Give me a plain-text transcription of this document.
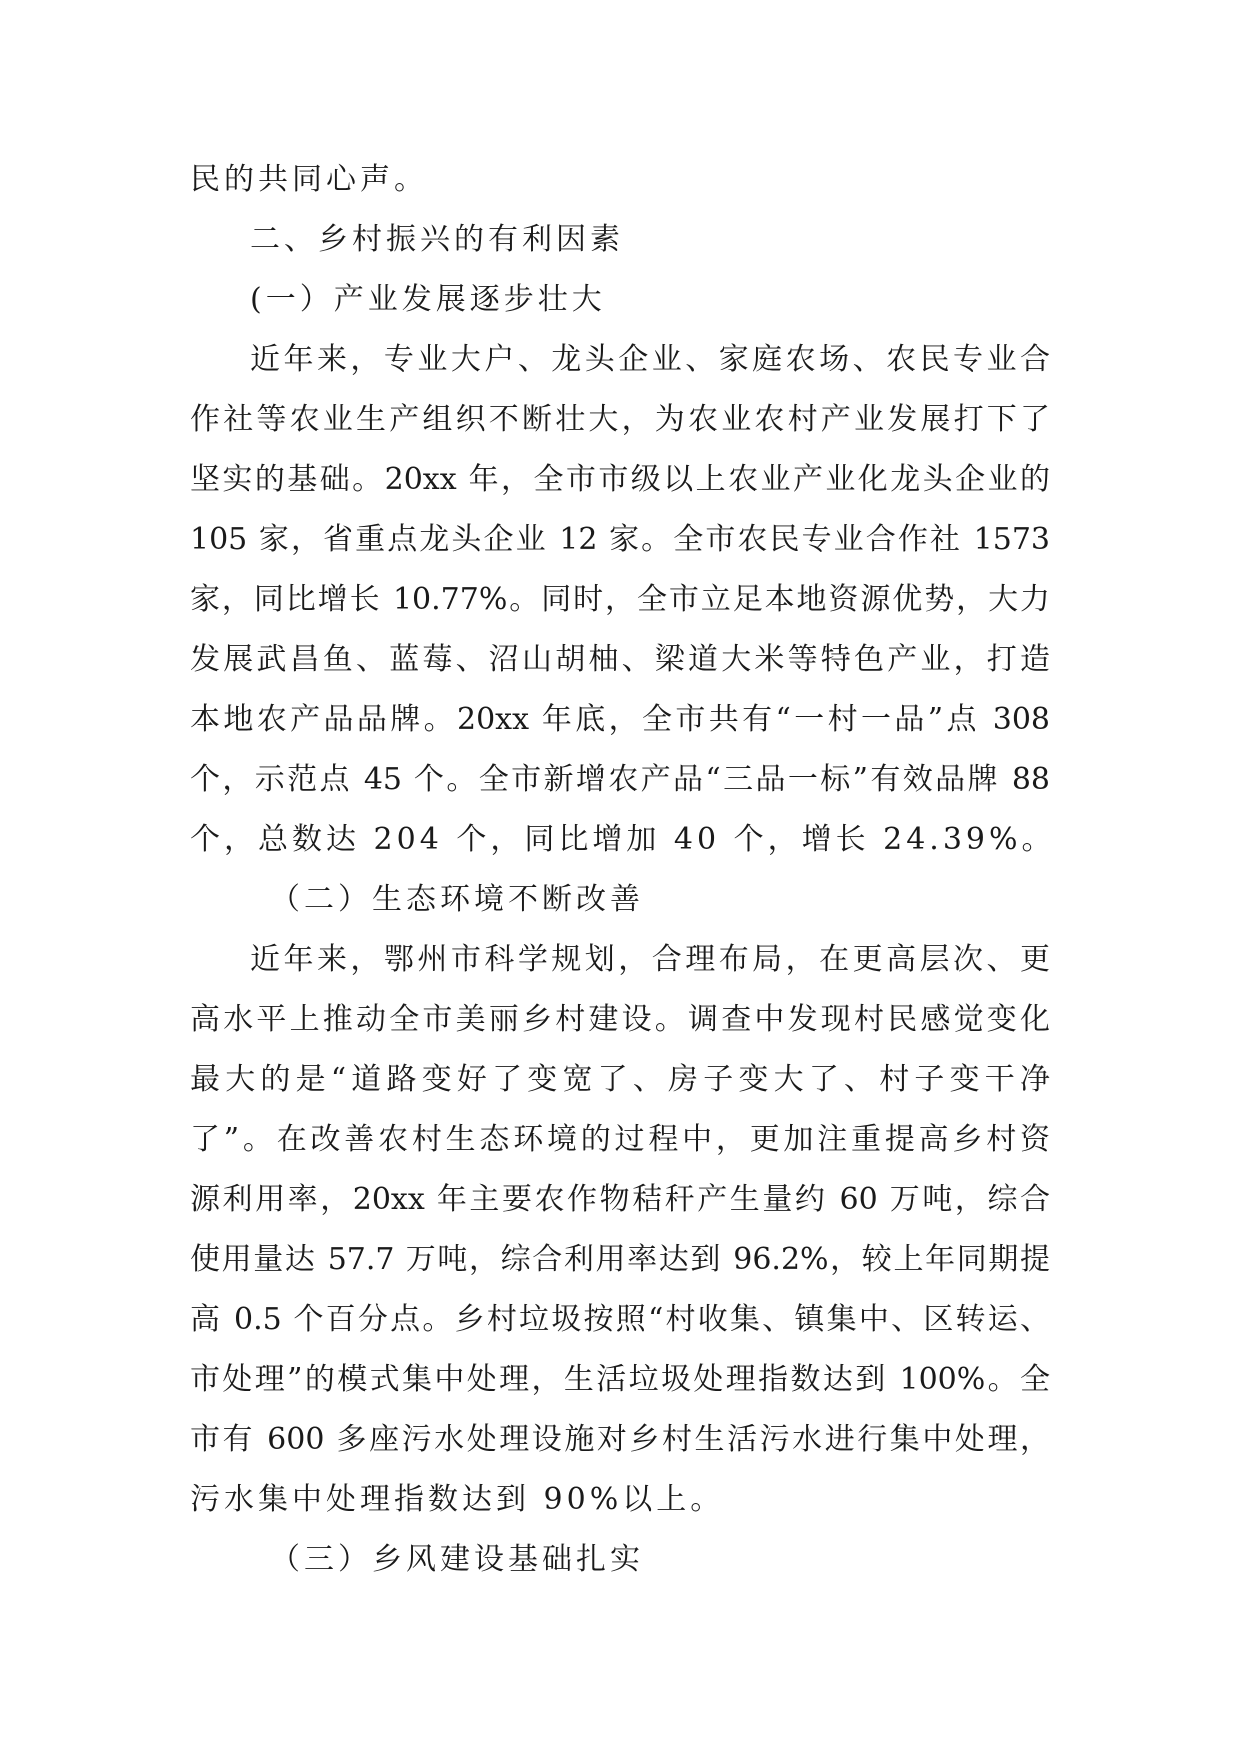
民的共同心声。
二、乡村振兴的有利因素
(一）产业发展逐步壮大
近年来，专业大户、龙头企业、家庭农场、农民专业合
作社等农业生产组织不断壮大，为农业农村产业发展打下了
坚实的基础。20xx 年，全市市级以上农业产业化龙头企业的
105 家，省重点龙头企业 12 家。全市农民专业合作社 1573
家，同比增长 10.77%。同时，全市立足本地资源优势，大力
发展武昌鱼、蓝莓、沼山胡柚、梁道大米等特色产业，打造
本地农产品品牌。20xx 年底，全市共有“一村一品”点 308
个，示范点 45 个。全市新增农产品“三品一标”有效品牌 88
个，总数达 204 个，同比增加 40 个，增长 24.39%。
（二）生态环境不断改善
近年来，鄂州市科学规划，合理布局，在更高层次、更
高水平上推动全市美丽乡村建设。调查中发现村民感觉变化
最大的是“道路变好了变宽了、房子变大了、村子变干净
了”。在改善农村生态环境的过程中，更加注重提高乡村资
源利用率，20xx 年主要农作物秸秆产生量约 60 万吨，综合
使用量达 57.7 万吨，综合利用率达到 96.2%，较上年同期提
高 0.5 个百分点。乡村垃圾按照“村收集、镇集中、区转运、
市处理”的模式集中处理，生活垃圾处理指数达到 100%。全
市有 600 多座污水处理设施对乡村生活污水进行集中处理，
污水集中处理指数达到 90%以上。
（三）乡风建设基础扎实
